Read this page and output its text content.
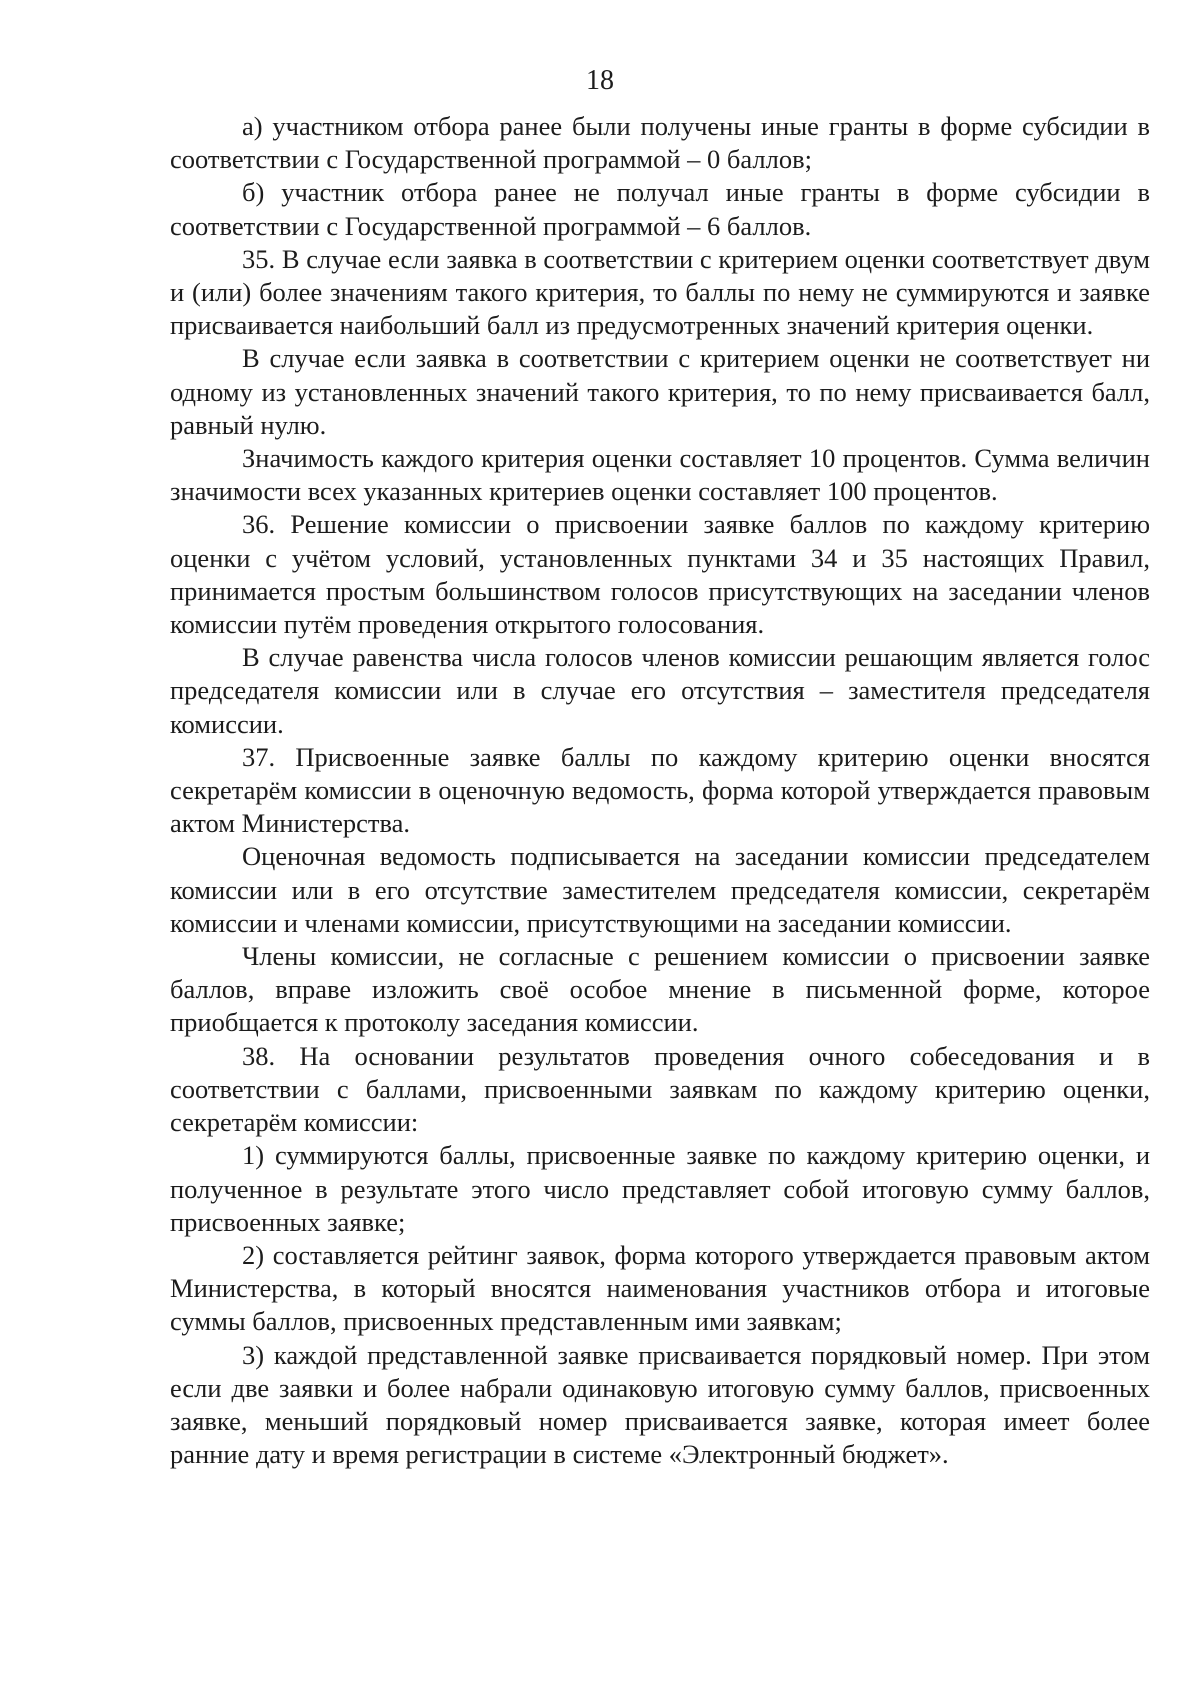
18

а) участником отбора ранее были получены иные гранты в форме субсидии в соответствии с Государственной программой – 0 баллов;

б) участник отбора ранее не получал иные гранты в форме субсидии в соответствии с Государственной программой – 6 баллов.

35. В случае если заявка в соответствии с критерием оценки соответствует двум и (или) более значениям такого критерия, то баллы по нему не суммируются и заявке присваивается наибольший балл из предусмотренных значений критерия оценки.

В случае если заявка в соответствии с критерием оценки не соответствует ни одному из установленных значений такого критерия, то по нему присваивается балл, равный нулю.

Значимость каждого критерия оценки составляет 10 процентов. Сумма величин значимости всех указанных критериев оценки составляет 100 процентов.

36. Решение комиссии о присвоении заявке баллов по каждому критерию оценки с учётом условий, установленных пунктами 34 и 35 настоящих Правил, принимается простым большинством голосов присутствующих на заседании членов комиссии путём проведения открытого голосования.

В случае равенства числа голосов членов комиссии решающим является голос председателя комиссии или в случае его отсутствия – заместителя председателя комиссии.

37. Присвоенные заявке баллы по каждому критерию оценки вносятся секретарём комиссии в оценочную ведомость, форма которой утверждается правовым актом Министерства.

Оценочная ведомость подписывается на заседании комиссии председателем комиссии или в его отсутствие заместителем председателя комиссии, секретарём комиссии и членами комиссии, присутствующими на заседании комиссии.

Члены комиссии, не согласные с решением комиссии о присвоении заявке баллов, вправе изложить своё особое мнение в письменной форме, которое приобщается к протоколу заседания комиссии.

38. На основании результатов проведения очного собеседования и в соответствии с баллами, присвоенными заявкам по каждому критерию оценки, секретарём комиссии:

1) суммируются баллы, присвоенные заявке по каждому критерию оценки, и полученное в результате этого число представляет собой итоговую сумму баллов, присвоенных заявке;

2) составляется рейтинг заявок, форма которого утверждается правовым актом Министерства, в который вносятся наименования участников отбора и итоговые суммы баллов, присвоенных представленным ими заявкам;

3) каждой представленной заявке присваивается порядковый номер. При этом если две заявки и более набрали одинаковую итоговую сумму баллов, присвоенных заявке, меньший порядковый номер присваивается заявке, которая имеет более ранние дату и время регистрации в системе «Электронный бюджет».
